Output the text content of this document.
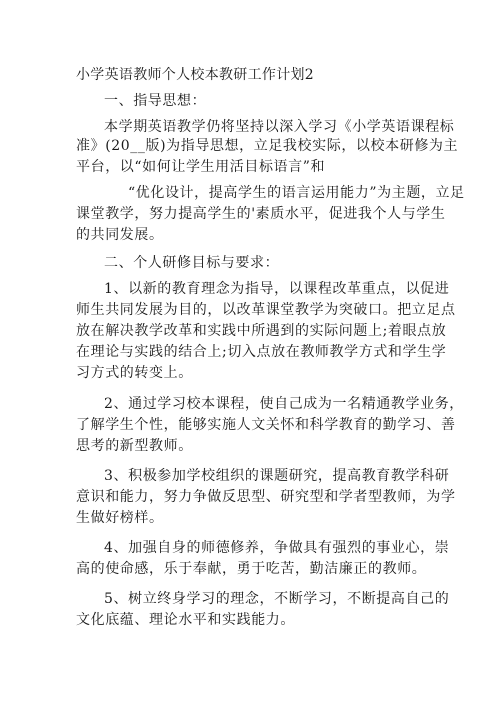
小学英语教师个人校本教研工作计划2
一、指导思想：
本学期英语教学仍将坚持以深入学习《小学英语课程标
准》(20__版)为指导思想，立足我校实际，以校本研修为主
平台，以“如何让学生用活目标语言”和
“优化设计，提高学生的语言运用能力”为主题，立足
课堂教学，努力提高学生的'素质水平，促进我个人与学生
的共同发展。
二、个人研修目标与要求：
1、以新的教育理念为指导，以课程改革重点，以促进
师生共同发展为目的，以改革课堂教学为突破口。把立足点
放在解决教学改革和实践中所遇到的实际问题上;着眼点放
在理论与实践的结合上;切入点放在教师教学方式和学生学
习方式的转变上。
2、通过学习校本课程，使自己成为一名精通教学业务，
了解学生个性，能够实施人文关怀和科学教育的勤学习、善
思考的新型教师。
3、积极参加学校组织的课题研究，提高教育教学科研
意识和能力，努力争做反思型、研究型和学者型教师，为学
生做好榜样。
4、加强自身的师德修养，争做具有强烈的事业心，崇
高的使命感，乐于奉献，勇于吃苦，勤洁廉正的教师。
5、树立终身学习的理念，不断学习，不断提高自己的
文化底蕴、理论水平和实践能力。
